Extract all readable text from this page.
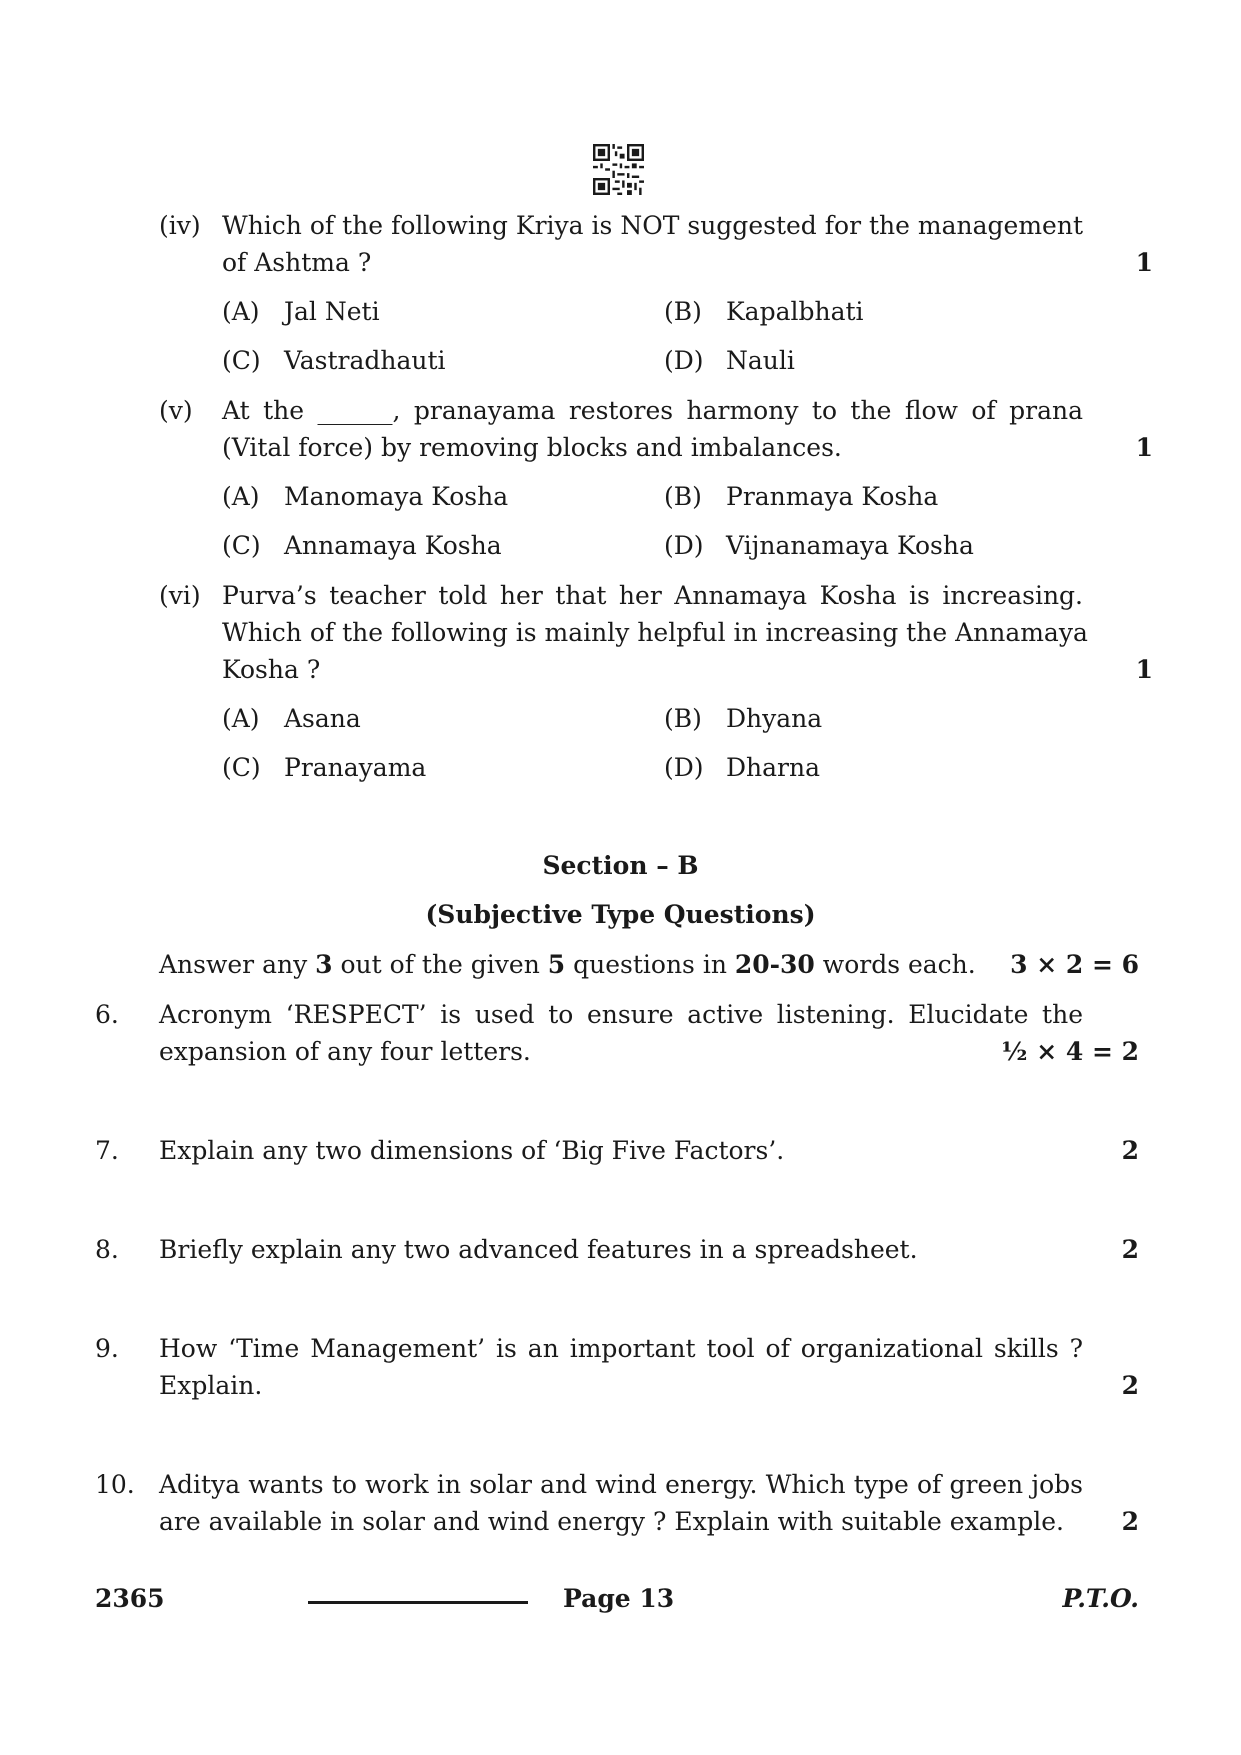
(iv) Which of the following Kriya is NOT suggested for the management
of Ashtma ?	1
(A) Jal Neti	(B) Kapalbhati
(C) Vastradhauti	(D) Nauli
(v) At the ______, pranayama restores harmony to the flow of prana
(Vital force) by removing blocks and imbalances.	1
(A) Manomaya Kosha	(B) Pranmaya Kosha
(C) Annamaya Kosha	(D) Vijnanamaya Kosha
(vi) Purva’s teacher told her that her Annamaya Kosha is increasing.
Which of the following is mainly helpful in increasing the Annamaya
Kosha ?	1
(A) Asana	(B) Dhyana
(C) Pranayama	(D) Dharna
Section – B
(Subjective Type Questions)
Answer any 3 out of the given 5 questions in 20-30 words each. 3 × 2 = 6
6. Acronym ‘RESPECT’ is used to ensure active listening. Elucidate the
expansion of any four letters.	½ × 4 = 2
7. Explain any two dimensions of ‘Big Five Factors’.	2
8. Briefly explain any two advanced features in a spreadsheet.	2
9. How ‘Time Management’ is an important tool of organizational skills ?
Explain.	2
10. Aditya wants to work in solar and wind energy. Which type of green jobs
are available in solar and wind energy ? Explain with suitable example. 2
2365	Page 13	P.T.O.
